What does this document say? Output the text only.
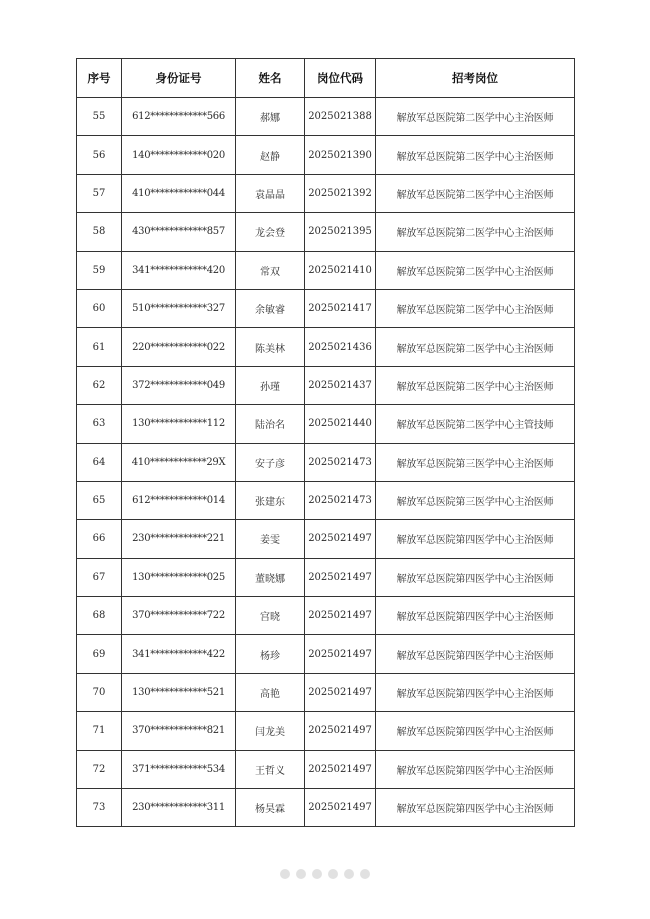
序号	身份证号	姓名	岗位代码	招考岗位
55	612************566	郝娜	2025021388	解放军总医院第二医学中心主治医师
56	140************020	赵静	2025021390	解放军总医院第二医学中心主治医师
57	410************044	袁晶晶	2025021392	解放军总医院第二医学中心主治医师
58	430************857	龙会登	2025021395	解放军总医院第二医学中心主治医师
59	341************420	常双	2025021410	解放军总医院第二医学中心主治医师
60	510************327	余敏睿	2025021417	解放军总医院第二医学中心主治医师
61	220************022	陈美林	2025021436	解放军总医院第二医学中心主治医师
62	372************049	孙瑾	2025021437	解放军总医院第二医学中心主治医师
63	130************112	陆治名	2025021440	解放军总医院第二医学中心主管技师
64	410************29X	安子彦	2025021473	解放军总医院第三医学中心主治医师
65	612************014	张建东	2025021473	解放军总医院第三医学中心主治医师
66	230************221	姜雯	2025021497	解放军总医院第四医学中心主治医师
67	130************025	董晓娜	2025021497	解放军总医院第四医学中心主治医师
68	370************722	宫晓	2025021497	解放军总医院第四医学中心主治医师
69	341************422	杨珍	2025021497	解放军总医院第四医学中心主治医师
70	130************521	高艳	2025021497	解放军总医院第四医学中心主治医师
71	370************821	闫龙美	2025021497	解放军总医院第四医学中心主治医师
72	371************534	王哲义	2025021497	解放军总医院第四医学中心主治医师
73	230************311	杨昊霖	2025021497	解放军总医院第四医学中心主治医师
